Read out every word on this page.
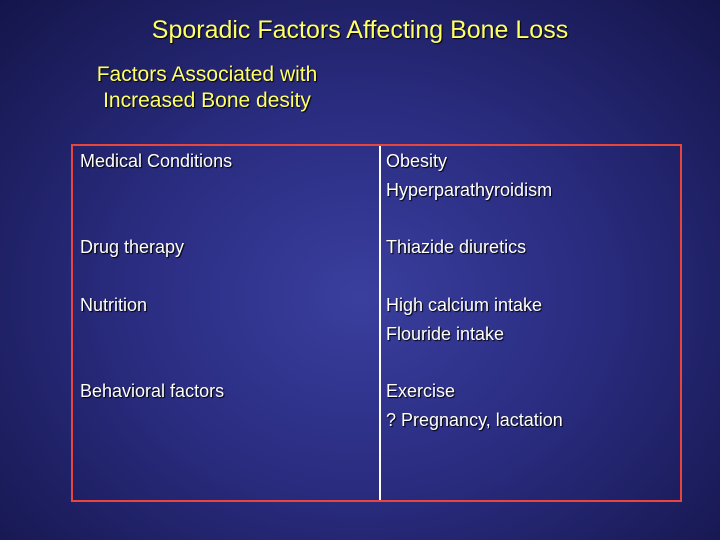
Sporadic Factors Affecting Bone Loss
Factors Associated with
Increased Bone desity
Medical Conditions	Obesity
Hyperparathyroidism
Drug therapy	Thiazide diuretics
Nutrition	High calcium intake
Flouride intake
Behavioral factors	Exercise
? Pregnancy, lactation
